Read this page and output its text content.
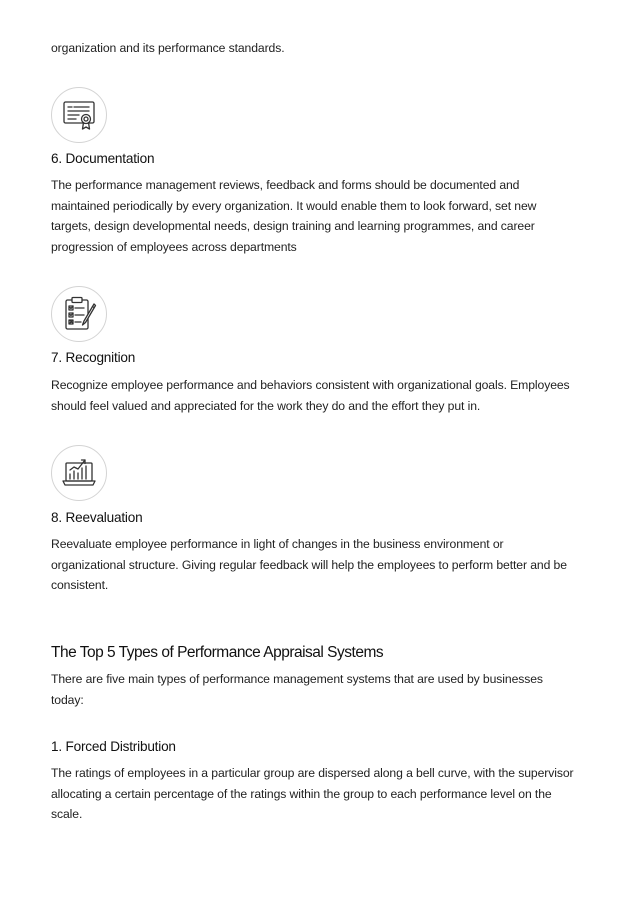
organization and its performance standards.

6. Documentation

The performance management reviews, feedback and forms should be documented and

maintained periodically by every organization. It would enable them to look forward, set new

targets, design developmental needs, design training and learning programmes, and career

progression of employees across departments

7. Recognition

Recognize employee performance and behaviors consistent with organizational goals. Employees

should feel valued and appreciated for the work they do and the effort they put in.

8. Reevaluation

Reevaluate employee performance in light of changes in the business environment or

organizational structure. Giving regular feedback will help the employees to perform better and be

consistent.

The Top 5 Types of Performance Appraisal Systems

There are five main types of performance management systems that are used by businesses

today:

1. Forced Distribution

The ratings of employees in a particular group are dispersed along a bell curve, with the supervisor

allocating a certain percentage of the ratings within the group to each performance level on the

scale.
